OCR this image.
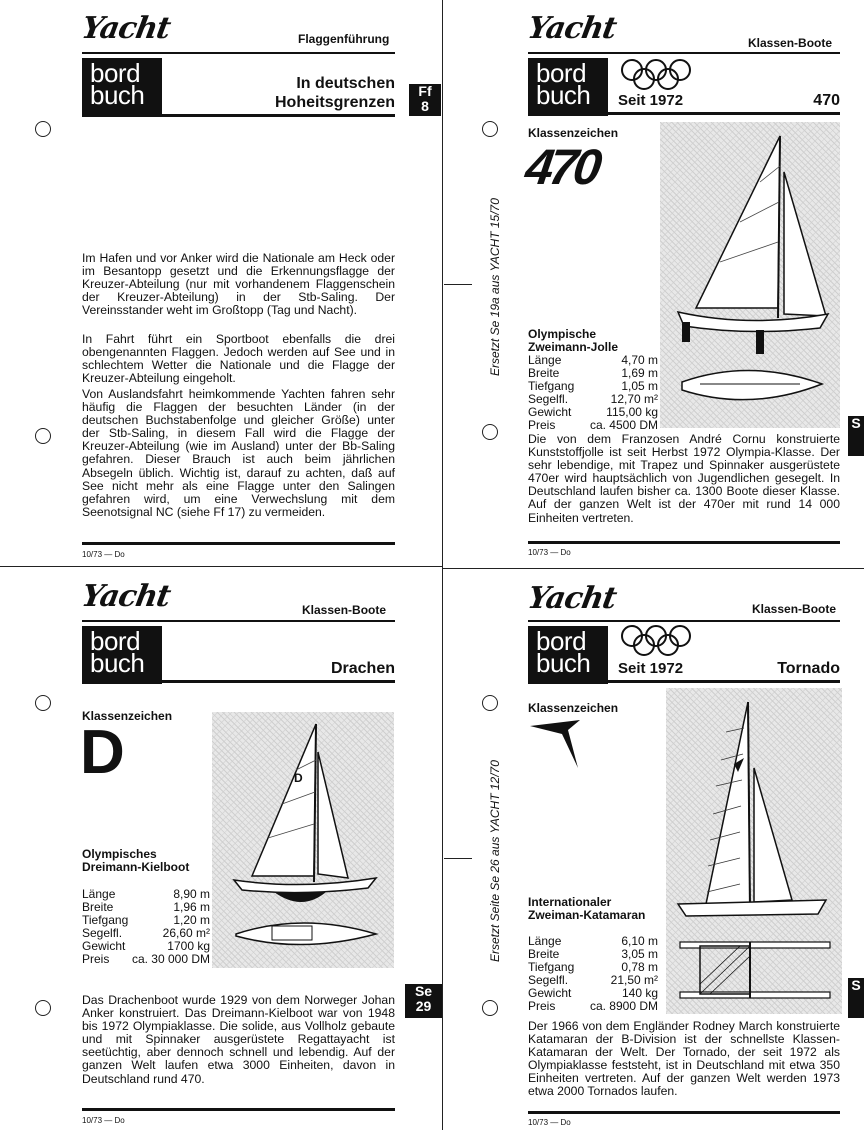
Yacht
bord
buch
Flaggenführung
In deutschen
Hoheitsgrenzen
Ff
8
Im Hafen und vor Anker wird die Nationale am Heck oder im Besantopp gesetzt und die Erkennungsflagge der Kreuzer-Abteilung (nur mit vorhandenem Flaggenschein der Kreuzer-Abteilung) in der Stb-Saling. Der Vereinsstander weht im Großtopp (Tag und Nacht).
In Fahrt führt ein Sportboot ebenfalls die drei obengenannten Flaggen. Jedoch werden auf See und in schlechtem Wetter die Nationale und die Flagge der Kreuzer-Abteilung eingeholt.
Von Auslandsfahrt heimkommende Yachten fahren sehr häufig die Flaggen der besuchten Länder (in der deutschen Buchstabenfolge und gleicher Größe) unter der Stb-Saling, in diesem Fall wird die Flagge der Kreuzer-Abteilung (wie im Ausland) unter der Bb-Saling gefahren. Dieser Brauch ist auch beim jährlichen Absegeln üblich. Wichtig ist, darauf zu achten, daß auf See nicht mehr als eine Flagge unter den Salingen gefahren wird, um eine Verwechslung mit dem Seenotsignal NC (siehe Ff 17) zu vermeiden.
10/73 — Do
Yacht
bord
buch
Klassen-Boote
Seit 1972	470
Klassenzeichen
470
Ersetzt Se 19a aus YACHT 15/70 Olympische
Zweimann-Jolle
Länge	4,70 m
Breite	1,69 m
Tiefgang	1,05 m
Segelfl.	12,70 m²
Gewicht	115,00 kg
Preis	ca. 4500 DM
Die von dem Franzosen André Cornu konstruierte Kunststoffjolle ist seit Herbst 1972 Olympia-Klasse. Der sehr lebendige, mit Trapez und Spinnaker ausgerüstete 470er wird hauptsächlich von Jugendlichen gesegelt. In Deutschland laufen bisher ca. 1300 Boote dieser Klasse. Auf der ganzen Welt ist der 470er mit rund 14 000 Einheiten vertreten.
S
10/73 — Do
Yacht
bord
buch
Klassen-Boote
Drachen
Klassenzeichen
D	D
Olympisches
Dreimann-Kielboot
Länge	8,90 m
Breite	1,96 m
Tiefgang	1,20 m
Segelfl.	26,60 m²
Gewicht	1700 kg
Preis ca. 30 000 DM
Se
29
Das Drachenboot wurde 1929 von dem Norweger Johan Anker konstruiert. Das Dreimann-Kielboot war von 1948 bis 1972 Olympiaklasse. Die solide, aus Vollholz gebaute und mit Spinnaker ausgerüstete Regattayacht ist seetüchtig, aber dennoch schnell und lebendig. Auf der ganzen Welt laufen etwa 3000 Einheiten, davon in Deutschland rund 470.
10/73 — Do
Yacht
bord
buch
Klassen-Boote
Seit 1972	Tornado
Klassenzeichen
Ersetzt Seite Se 26 aus YACHT 12/70 Internationaler
Zweiman-Katamaran
Länge	6,10 m
Breite	3,05 m
Tiefgang	0,78 m
Segelfl.	21,50 m²
Gewicht	140 kg
Preis	ca. 8900 DM
Der 1966 von dem Engländer Rodney March konstruierte Katamaran der B-Division ist der schnellste Klassen-Katamaran der Welt. Der Tornado, der seit 1972 als Olympiaklasse feststeht, ist in Deutschland mit etwa 350 Einheiten vertreten. Auf der ganzen Welt werden 1973 etwa 2000 Tornados laufen.
S
10/73 — Do
